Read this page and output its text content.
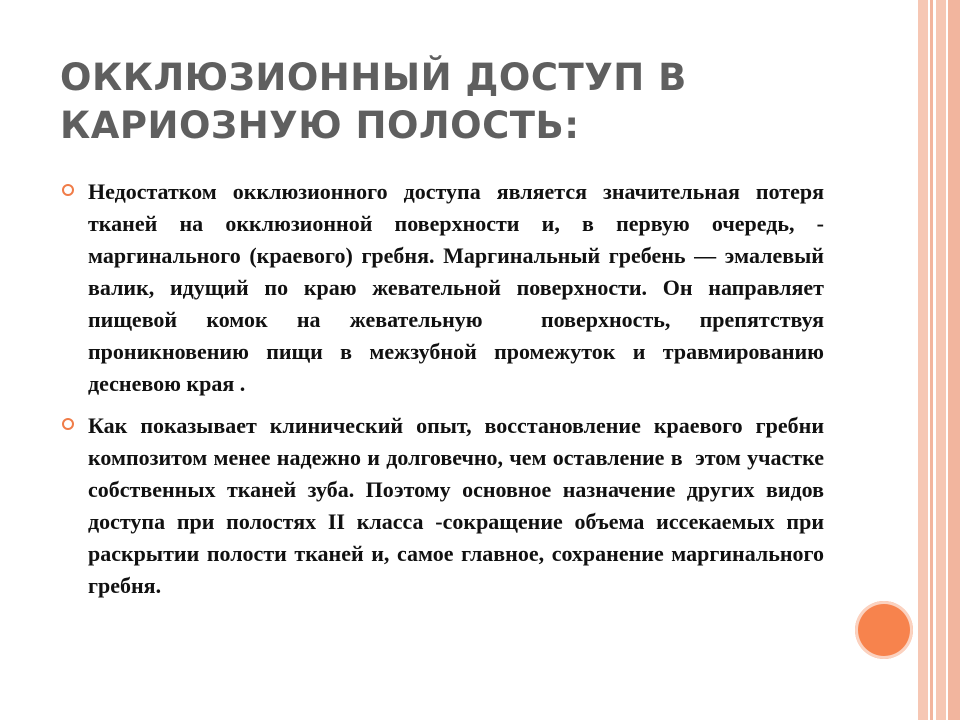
ОККЛЮЗИОННЫЙ ДОСТУП В
КАРИОЗНУЮ ПОЛОСТЬ:
Недостатком окклюзионного доступа является значительная потеря тканей на окклюзионной поверхности и, в первую очередь, - маргинального (краевого) гребня. Маргинальный гребень — эмалевый валик, идущий по краю жевательной поверхности. Он направляет пищевой комок на жевательную  поверхность, препятствуя проникновению пищи в межзубной промежуток и травмированию десневою края .
Как показывает клинический опыт, восстановление краевого гребни композитом менее надежно и долговечно, чем оставление в  этом участке собственных тканей зуба. Поэтому основное назначение других видов доступа при полостях II класса -сокращение объема иссекаемых при раскрытии полости тканей и, самое главное, сохранение маргинального гребня.
